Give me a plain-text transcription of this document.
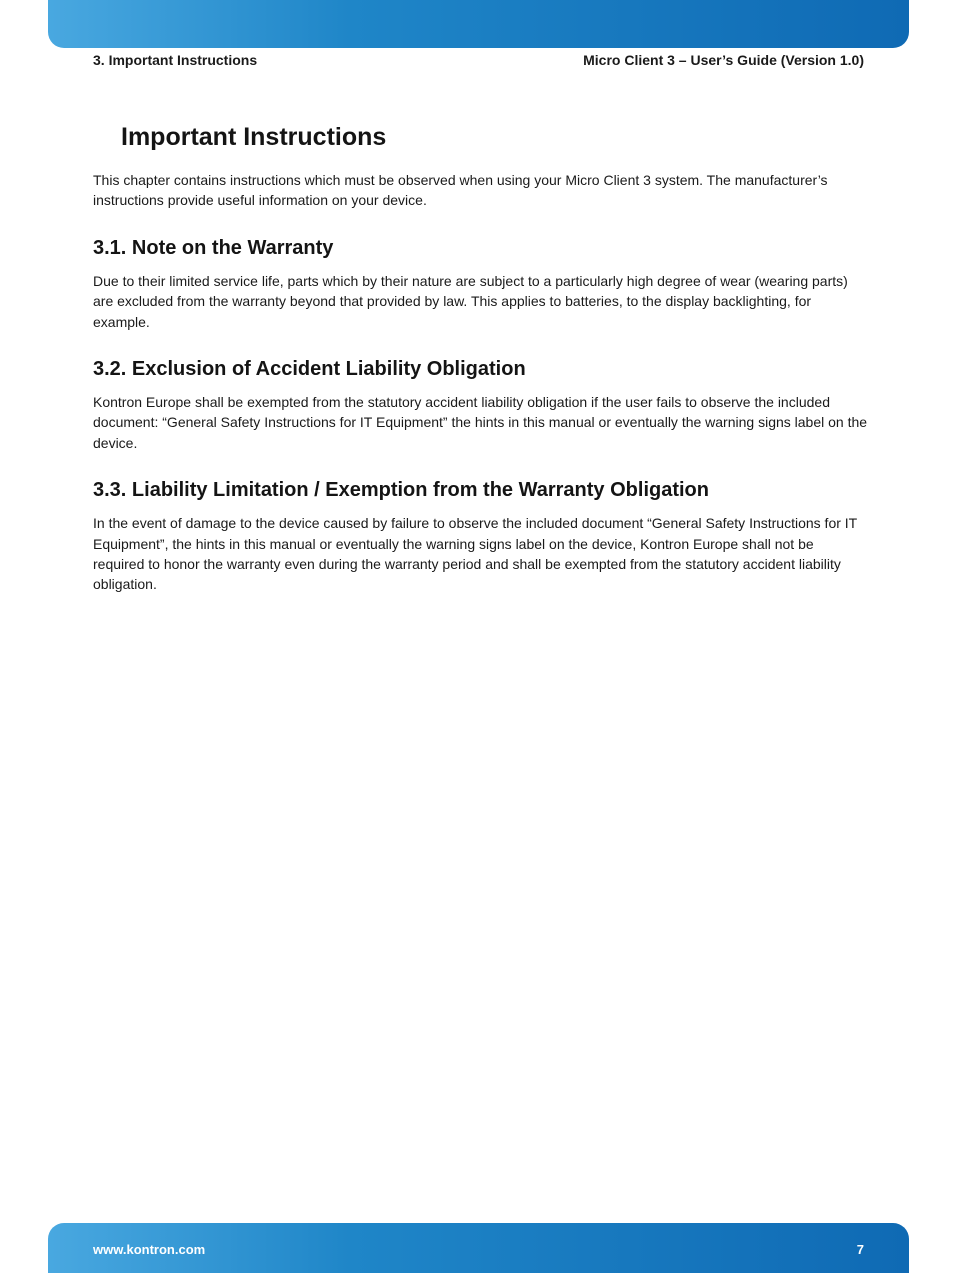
3. Important Instructions	Micro Client 3 – User’s Guide (Version 1.0)
Important Instructions

This chapter contains instructions which must be observed when using your Micro Client 3 system. The manufacturer’s instructions provide useful information on your device.

3.1. Note on the Warranty

Due to their limited service life, parts which by their nature are subject to a particularly high degree of wear (wearing parts) are excluded from the warranty beyond that provided by law. This applies to batteries, to the display backlighting, for example.

3.2. Exclusion of Accident Liability Obligation

Kontron Europe shall be exempted from the statutory accident liability obligation if the user fails to observe the included document: “General Safety Instructions for IT Equipment” the hints in this manual or eventually the warning signs label on the device.

3.3. Liability Limitation / Exemption from the Warranty Obligation

In the event of damage to the device caused by failure to observe the included document “General Safety Instructions for IT Equipment”, the hints in this manual or eventually the warning signs label on the device, Kontron Europe shall not be required to honor the warranty even during the warranty period and shall be exempted from the statutory accident liability obligation.

www.kontron.com	7
